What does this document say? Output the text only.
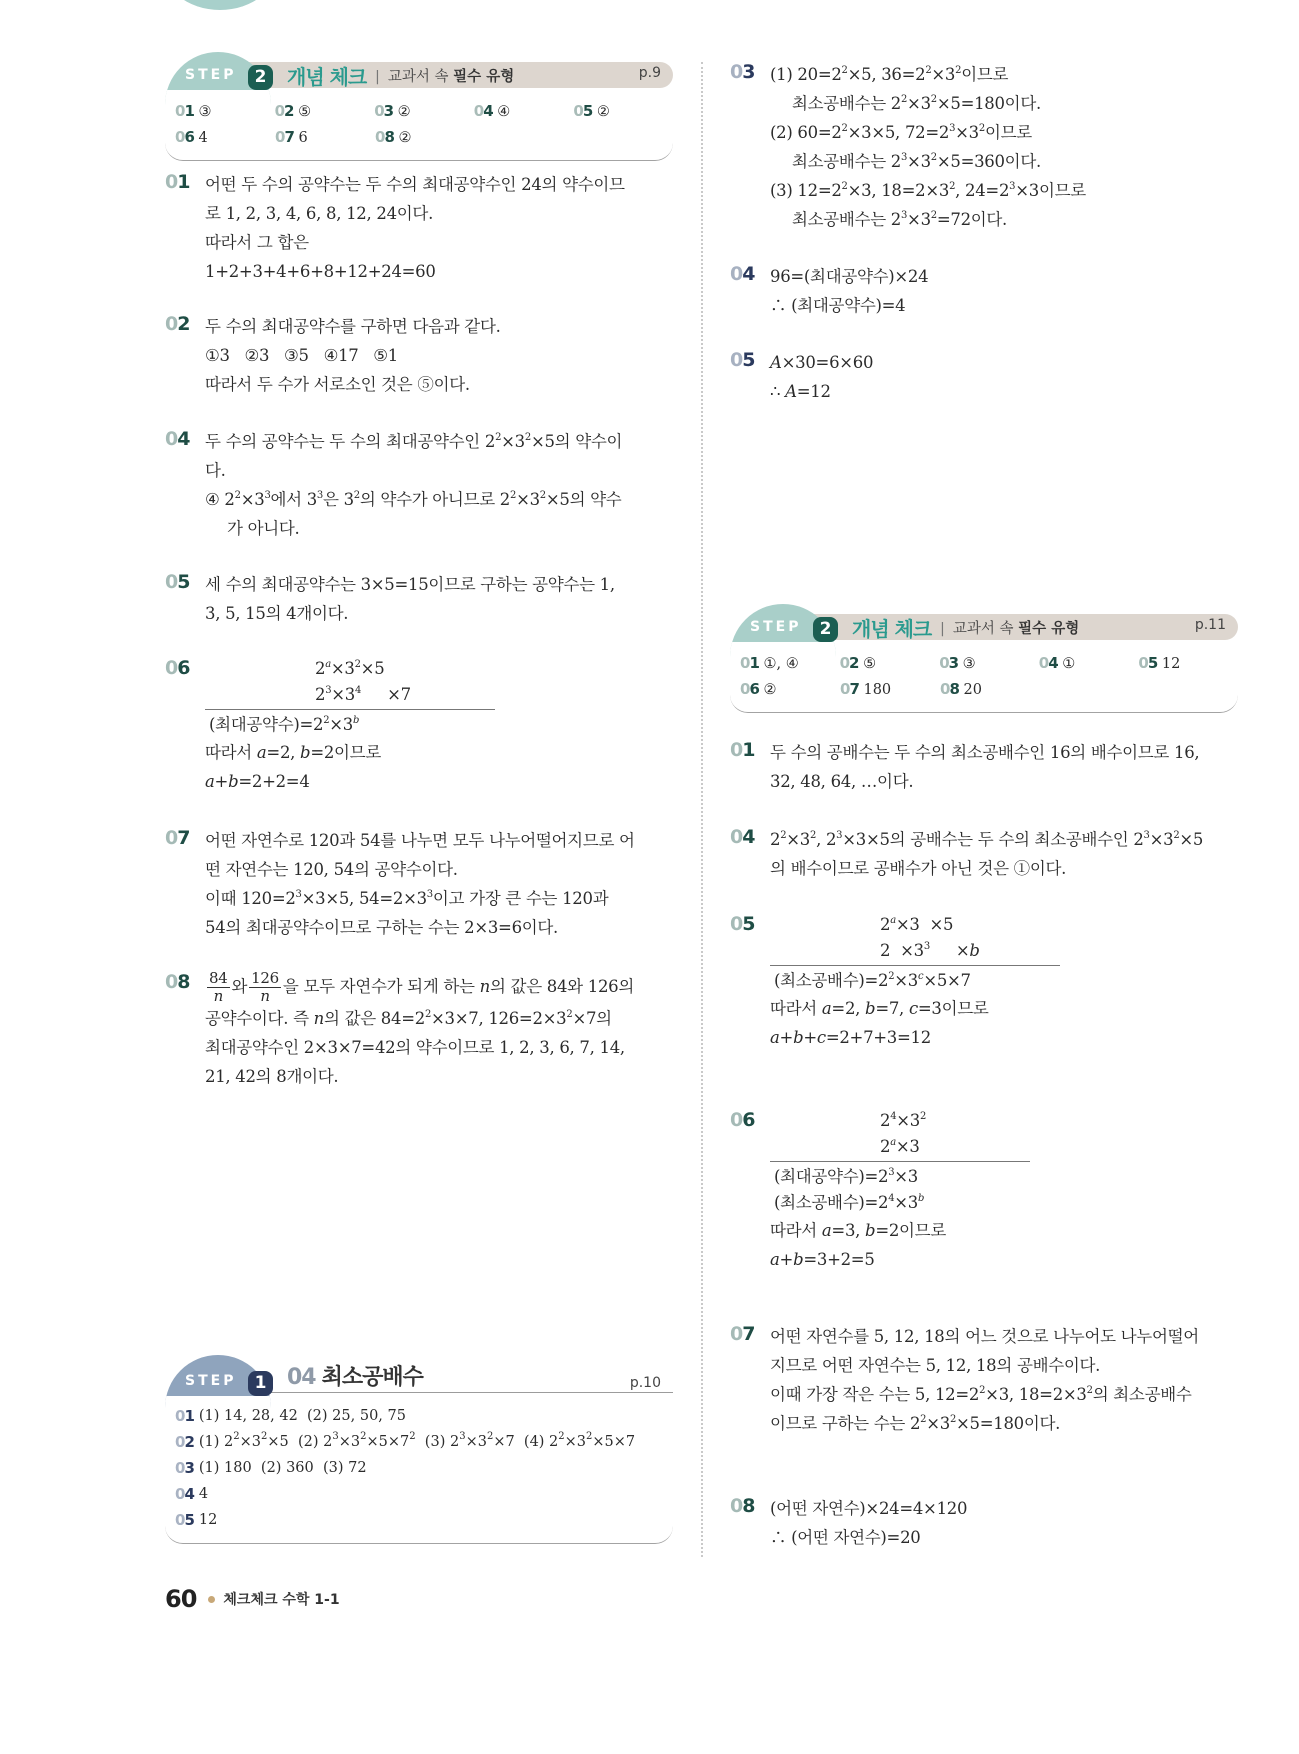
STEP	2	개념 체크 | 교과서 속 필수 유형	p.9
01 ③	02 ⑤	03 ②	04 ④	05 ②
06 4	07 6	08 ②
01 어떤 두 수의 공약수는 두 수의 최대공약수인 24의 약수이므
로 1, 2, 3, 4, 6, 8, 12, 24이다.
따라서 그 합은
1+2+3+4+6+8+12+24=60
02 두 수의 최대공약수를 구하면 다음과 같다.
①3   ②3   ③5   ④17   ⑤1
따라서 두 수가 서로소인 것은 ⑤이다.
04 두 수의 공약수는 두 수의 최대공약수인 $2^2\times 3^2\times 5$의 약수이
다.
④ $2^2\times 3^3$에서 $3^3$은 $3^2$의 약수가 아니므로 $2^2\times 3^2\times 5$의 약수
가 아니다.
05 세 수의 최대공약수는 3×5=15이므로 구하는 공약수는 1,
3, 5, 15의 4개이다.
06	$2^a\times 3^2\times 5$
$2^3\times 3^4 \times 7$
(최대공약수)$=2^2\times 3^b$
따라서 a=2, b=2이므로
a+b=2+2=4
07 어떤 자연수로 120과 54를 나누면 모두 나누어떨어지므로 어
떤 자연수는 120, 54의 공약수이다.
이때 $120=2^3\times 3\times 5$, $54=2\times 3^3$이고 가장 큰 수는 120과
54의 최대공약수이므로 구하는 수는 2×3=6이다.
$08 \frac{84}{n}$ 와 $\frac{126}{n}$ 을 모두 자연수가 되게 하는 n의 값은 84와 126의
공약수이다. 즉 n의 값은 $84=2^2\times 3\times 7$, $126=2\times 3^2\times 7$의
최대공약수인 2×3×7=42의 약수이므로 1, 2, 3, 6, 7, 14,
21, 42의 8개이다.
STEP	1 04 최소공배수	p.10
01 (1) 14, 28, 42  (2) 25, 50, 75
02 (1) $2^2\times 3^2\times 5$  (2) $2^3\times 3^2\times 5\times 7^2$  (3) $2^3\times 3^2\times 7$  (4) $2^2\times 3^2\times 5\times 7$
03 (1) 180  (2) 360  (3) 72
04 4
05 12
03 (1) $20=2^2\times 5$, $36=2^2\times 3^2$이므로
최소공배수는 $2^2\times 3^2\times 5=180$이다.
(2) $60=2^2\times 3\times 5$, $72=2^3\times 3^2$이므로
최소공배수는 $2^3\times 3^2\times 5=360$이다.
(3) $12=2^2\times 3$, $18=2\times 3^2$, $24=2^3\times 3$이므로
최소공배수는 $2^3\times 3^2=72$이다.
04 96=(최대공약수)×24
∴ (최대공약수)=4
05 A×30=6×60
∴ A=12
STEP	2	개념 체크 | 교과서 속 필수 유형	p.11
01 ①, ④	02 ⑤	03 ③	04 ①	05 12
06 ②	07 180	08 20
01 두 수의 공배수는 두 수의 최소공배수인 16의 배수이므로 16,
32, 48, 64, …이다.
04 $2^2\times 3^2$, $2^3\times 3\times 5$의 공배수는 두 수의 최소공배수인 $2^3\times 3^2\times 5$
의 배수이므로 공배수가 아닌 것은 ①이다.
05	$2^a\times 3 \times 5$
$2 \times 3^3 \times b$
(최소공배수)$=2^2\times 3^c\times 5\times 7$
따라서 a=2, b=7, c=3이므로
a+b+c=2+7+3=12
06	$2^4\times 3^2$
$2^a\times 3$
(최대공약수)$=2^3\times 3$
(최소공배수)$=2^4\times 3^b$
따라서 a=3, b=2이므로
a+b=3+2=5
07 어떤 자연수를 5, 12, 18의 어느 것으로 나누어도 나누어떨어
지므로 어떤 자연수는 5, 12, 18의 공배수이다.
이때 가장 작은 수는 5, $12=2^2\times 3$, $18=2\times 3^2$의 최소공배수
이므로 구하는 수는 $2^2\times 3^2\times 5=180$이다.
08 (어떤 자연수)×24=4×120
∴ (어떤 자연수)=20
60 체크체크 수학 1-1
